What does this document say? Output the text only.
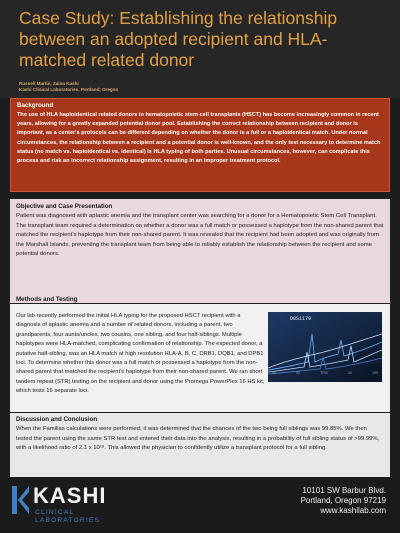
Case Study: Establishing the relationship between an adopted recipient and HLA-matched related donor
Russell Martin, Zaina Kashi
Kashi Clinical Laboratories, Portland, Oregon
Background
The use of HLA haploidentical related donors in hematopoietic stem cell transplants (HSCT) has become increasingly common in recent years, allowing for a greatly expanded potential donor pool. Establishing the correct relationship between recipient and donor is important, as a center's protocols can be different depending on whether the donor is a full or a haploidentical match. Under normal circumstances, the relationship between a recipient and a potential donor is well-known, and the only test necessary to determine match status (no match vs. haploidentical vs. identical) is HLA typing of both parties. Unusual circumstances, however, can complicate this process and risk an incorrect relationship assignment, resulting in an improper treatment protocol.
Objective and Case Presentation
Patient was diagnosed with aplastic anemia and the transplant center was searching for a donor for a Hematopoietic Stem Cell Transplant. The transplant team required a determination on whether a donor was a full match or possessed a haplotype from the non-shared parent that matched the recipient's haplotype from their non-shared parent. It was revealed that the recipient had been adopted and was originally from the Marshall Islands, preventing the transplant team from being able to reliably establish the relationship between the recipient and some potential donors.
Methods and Testing
Our lab recently performed the initial HLA typing for the proposed HSCT recipient with a diagnosis of aplastic anemia and a number of related donors, including a parent, two grandparents, four aunts/uncles, two cousins, one sibling, and four half-siblings. Multiple haplotypes were HLA-matched, complicating confirmation of relationship. The expected donor, a putative half-sibling, was an HLA match at high resolution HLA-A, B, C, DRB1, DQB1, and DPB1 loci. To determine whether this donor was a full match or possessed a haplotype from the non-shared parent that matched the recipient's haplotype from their non-shared parent. We ran short tandem repeat (STR) testing on the recipient and donor using the Promega PowerPlex 16 HS kit, which tests 16 separate loci.
D8S1179
83	93	TPOX	95	105
Discussion and Conclusion
When the Familias calculations were performed, it was determined that the chances of the two being full siblings was 99.85%. We then tested the parent using the same STR test and entered their data into the analysis, resulting in a probability of full sibling status of >99.99%, with a likelihood ratio of 2.1 x 10¹⁸. This allowed the physician to confidently utilize a transplant protocol for a full sibling.
KASHI
CLINICAL
LABORATORIES
10101 SW Barbur Blvd.
Portland, Oregon 97219
www.kashilab.com
